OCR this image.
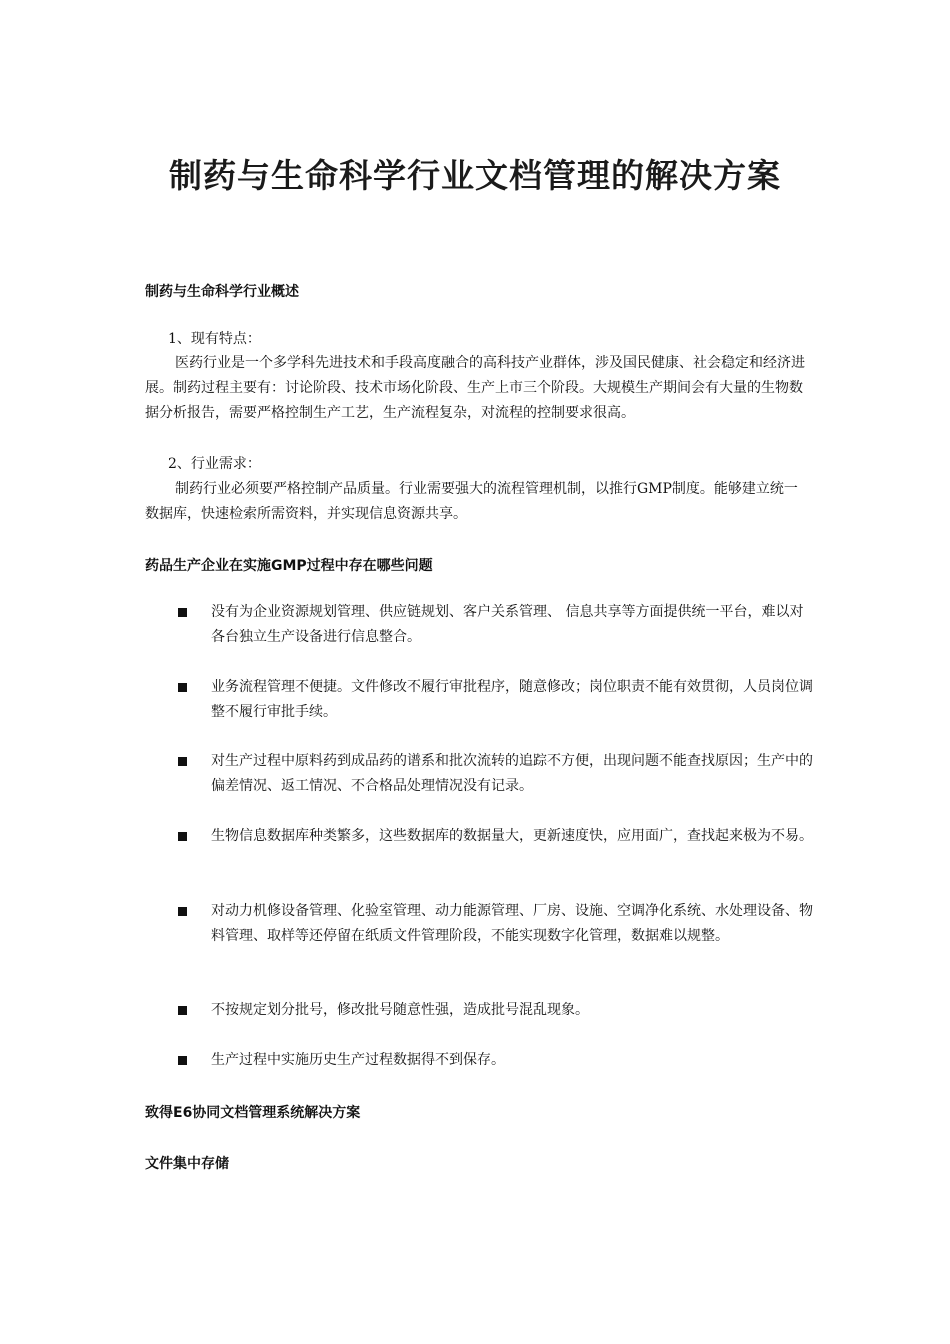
制药与生命科学行业文档管理的解决方案
制药与生命科学行业概述
1、现有特点：
医药行业是一个多学科先进技术和手段高度融合的高科技产业群体，涉及国民健康、社会稳定和经济进展。制药过程主要有：讨论阶段、技术市场化阶段、生产上市三个阶段。大规模生产期间会有大量的生物数据分析报告，需要严格控制生产工艺，生产流程复杂，对流程的控制要求很高。
2、行业需求：
制药行业必须要严格控制产品质量。行业需要强大的流程管理机制，以推行GMP制度。能够建立统一数据库，快速检索所需资料，并实现信息资源共享。
药品生产企业在实施GMP过程中存在哪些问题
没有为企业资源规划管理、供应链规划、客户关系管理、 信息共享等方面提供统一平台，难以对各台独立生产设备进行信息整合。
业务流程管理不便捷。文件修改不履行审批程序，随意修改；岗位职责不能有效贯彻，人员岗位调整不履行审批手续。
对生产过程中原料药到成品药的谱系和批次流转的追踪不方便，出现问题不能查找原因；生产中的偏差情况、返工情况、不合格品处理情况没有记录。
生物信息数据库种类繁多，这些数据库的数据量大，更新速度快，应用面广，查找起来极为不易。
对动力机修设备管理、化验室管理、动力能源管理、厂房、设施、空调净化系统、水处理设备、物料管理、取样等还停留在纸质文件管理阶段，不能实现数字化管理，数据难以规整。
不按规定划分批号，修改批号随意性强，造成批号混乱现象。
生产过程中实施历史生产过程数据得不到保存。
致得E6协同文档管理系统解决方案
文件集中存储
